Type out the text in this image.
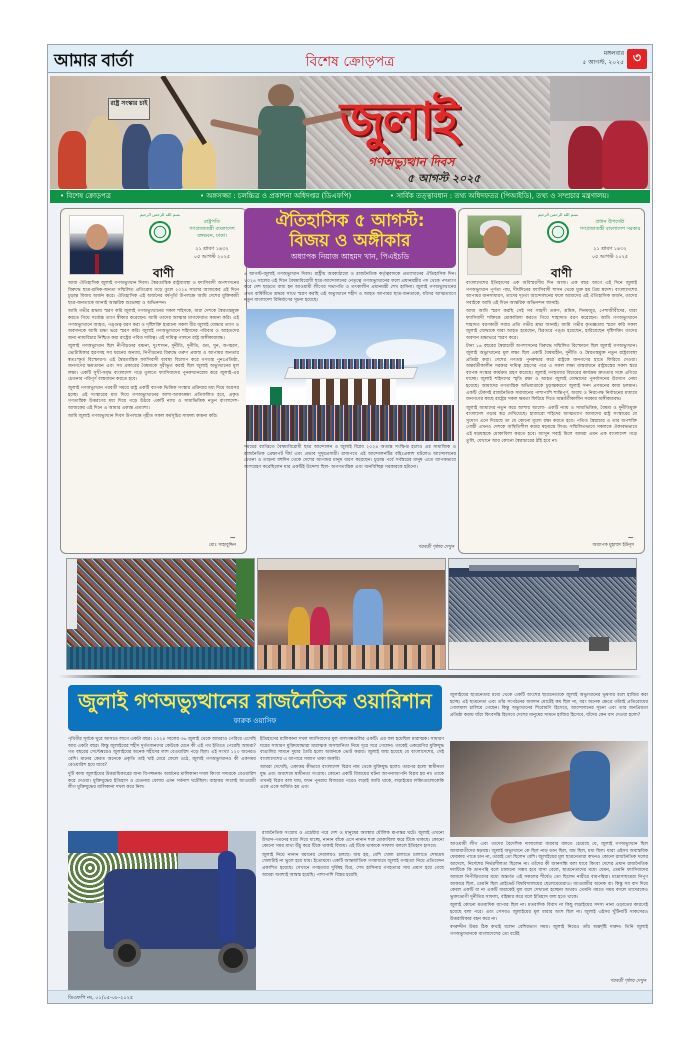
আমার বার্তা	বিশেষ ক্রোড়পত্র
মঙ্গলবার
৫ আগস্ট, ২০২৫ ৩
রাষ্ট্র সংস্কার চাই	জুলাই
গণঅভ্যুত্থান দিবস
৫ আগস্ট ২০২৫
• বিশেষ ক্রোড়পত্র	• অঙ্গসজ্জা : চলচ্চিত্র ও প্রকাশনা অধিদপ্তর (ডিএফপি)	• সার্বিক তত্ত্বাবধান : তথ্য অধিদফতর (পিআইডি), তথ্য ও সম্প্রচার মন্ত্রণালয়।
بسم الله الرحمن الرحيم
রাষ্ট্রপতি
গণপ্রজাতন্ত্রী বাংলাদেশ
বঙ্গভবন, ঢাকা।
২১ শ্রাবণ ১৪৩২
০৫ আগস্ট ২০২৫
বাণী

আজ ঐতিহাসিক জুলাই গণঅভ্যুত্থান দিবস। স্বৈরতান্ত্রিক রাষ্ট্রব্যবস্থা ও ফ্যাসিবাদী অপশাসনের বিরুদ্ধে ছাত্র-শ্রমিক-জনতা সম্মিলিত প্রতিরোধ গড়ে তুলে ২০২৪ সালের আজকের এই দিনে চূড়ান্ত বিজয় অর্জন করে। ঐতিহাসিক এই অর্জনের বর্ষপূর্তি উপলক্ষে আমি দেশের মুক্তিকামী ছাত্র-জনতাকে জানাই আন্তরিক শুভেচ্ছা ও অভিনন্দন।

আমি গভীর শ্রদ্ধায় স্মরণ করি জুলাই গণঅভ্যুত্থানের সকল শহিদকে, যারা দেশকে স্বৈরতন্ত্রমুক্ত করতে গিয়ে সর্বোচ্চ ত্যাগ স্বীকার করেছেন। আমি তাদের আত্মার মাগফেরাত কামনা করি। এই গণঅভ্যুত্থানে আহত, পঙ্গুত্ব বরণ করা ও দৃষ্টিশক্তি হারানো সকল বীর জুলাই যোদ্ধার ত্যাগ ও অবদানকে আমি শ্রদ্ধা ভরে স্মরণ করি। জুলাই গণঅভ্যুত্থানে শহিদদের পরিবার ও আহতদের জন্য ন্যায়বিচার নিশ্চিত করা রাষ্ট্রের পবিত্র দায়িত্ব। এই দায়িত্ব পালনে রাষ্ট্র অঙ্গীকারাবদ্ধ।

জুলাই গণঅভ্যুত্থান ছিল নীপীড়নের বঞ্চনা, দুঃশাসন, দুর্নীতি, দুর্নীতি, গুম, খুন, অপহরণ, ভোটাধিকার হরণসহ সব ধরনের অন্যায়, নিপীড়নের বিরুদ্ধে তরুণ প্রজন্ম ও আপামর জনতার স্বতঃস্ফূর্ত বিস্ফোরণ। এই স্বৈরতান্ত্রিক ফ্যাসিবাদী ব্যবস্থা বিলোপ করে গণতন্ত্র পুনঃপ্রতিষ্ঠা, জনগণের ক্ষমতায়ন এবং সব প্রকারের বৈষম্যকে দূরীভূত করাই ছিল জুলাই অভ্যুত্থানের মূল লক্ষ্য। একটি সুখী-সমৃদ্ধ বাংলাদেশ গড়ে তুলতে ফ্যাসিবাদের পুনরুত্থানরোধ করে জুলাই-এর চেতনার পরিপূর্ণ বাস্তবায়ন করতে হবে।

জুলাই গণঅভ্যুত্থান পরবর্তী সময়ে রাষ্ট্র একটি ব্যাপক ভিত্তিক সংস্কার প্রক্রিয়ার মধ্য দিয়ে অগ্রসর হচ্ছে। এই সংস্কারের মধ্য দিয়ে গণঅভ্যুত্থানের আশা-আকাঙ্ক্ষা প্রতিফলিত হবে, প্রকৃত গণতান্ত্রিক উত্তরণের মধ্য দিয়ে গড়ে উঠবে একটি ন্যায় ও সাম্যভিত্তিক নতুন বাংলাদেশ-আজকের এই দিনে এ আমার একান্ত প্রত্যাশা।

আমি জুলাই গণঅভ্যুত্থান দিবস উপলক্ষে গৃহীত সকল কর্মসূচির সাফল্য কামনা করি।

~
মোঃ সাহাবুদ্দিন
ঐতিহাসিক ৫ আগস্ট:
বিজয় ও অঙ্গীকার
অধ্যাপক নিয়াজ আহমদ খান, পিএইচডি
৫ আগস্ট-জুলাই গণঅভ্যুত্থান দিবস। রাষ্ট্রীয় অবকাঠামো ও রাজনৈতিক কর্তৃত্ববাদকে প্রত্যাখানের ঐতিহাসিক দিন। ২০২৪ সালের এই দিনে বৈষম্যবিরোধী ছাত্র-আন্দোলনের নেতৃত্বে গণঅভ্যুত্থানের ফলে প্রধানমন্ত্রীর পদ থেকে পদত্যাগ করে দেশ ছাড়তে বাধ্য হন আওয়ামী লীগের সভাপতি ও তৎকালীন প্রধানমন্ত্রী শেখ হাসিনা। জুলাই গণঅভ্যুত্থানের প্রথম বার্ষিকীতে শ্রদ্ধার সাথে স্মরণ করছি এই অভ্যুত্থানে শহীদ ও আহত আপামর ছাত্র-জনতাকে, যাঁদের আত্মত্যাগে নতুন বাংলাদেশ বিনির্মাণের সূচনা হয়েছে।
সময়ের ব্যাপ্তিতে বৈষম্যবিরোধী ছাত্র আন্দোলন ও জুলাই বিপ্লব ২০২৪ অত্যন্ত সংক্ষিপ্ত হলেও এর সামাজিক ও রাজনৈতিক প্রেক্ষাপট দীর্ঘ এবং প্রভাব সুদূরপ্রসারী। রাজপথে এই আন্দোলনটির বহিঃপ্রকাশ ঘটলেও আন্দোলনের চেতনা ও তাড়না বহুদিন থেকে দেশের আপামর মানুষ ধারণ করেছেন। চূড়ান্ত পর্বে সর্বস্তরের মানুষ এতে ব্যাপকভাবে অংশগ্রহণ করেছিলেন যার একটিই উদ্দেশ্য ছিল- অগণতান্ত্রিক এবং জনবিচ্ছিন্ন সরকারকে হটানো।
পরবর্তী পৃষ্ঠায় দেখুন
بسم الله الرحمن الرحيم
প্রধান উপদেষ্টা
গণপ্রজাতন্ত্রী বাংলাদেশ সরকার
২১ শ্রাবণ ১৪৩২
০৫ আগস্ট ২০২৫
বাণী

বাংলাদেশের ইতিহাসের এক অবিস্মরণীয় দিন আজ। এক বছর আগে এই দিনে জুলাই গণঅভ্যুত্থান পূর্ণতা পায়, দীর্ঘদিনের ফ্যাসিবাদী শাসন থেকে মুক্ত হয় প্রিয় স্বদেশ। বাংলাদেশের আপামর জনসাধারণ, তাদের দৃঢ়তা আন্দোলনের ফলে আমাদের এই ঐতিহাসিক অর্জন, তাদের সবাইকে আমি এই দিনে আন্তরিক অভিনন্দন জানাই।

আজ আমি স্মরণ করছি সেই সব সাহসী তরুণ, শ্রমিক, দিনমজুর, পেশাজীবীদের, যারা ফ্যাসিবাদী শক্তিকে মোকাবিলা করতে গিয়ে শাহাদাত বরণ করেছেন। আমি গণঅভ্যুত্থানে শাহাদত বরণকারী সবার প্রতি গভীর শ্রদ্ধা জানাই। আমি গভীর কৃতজ্ঞতায় স্মরণ করি সকল জুলাই যোদ্ধাকে যারা আহত হয়েছেন, চিরতরে পঙ্গু হয়েছেন, হারিয়েছেন দৃষ্টিশক্তি। তাদের অবদান শ্রদ্ধাভরে স্মরণ করে।

টানা ১৬ বছরের স্বৈরাচারী অপশাসনের বিরুদ্ধে সম্মিলিত বিস্ফোরণ ছিল জুলাই গণঅভ্যুত্থান। জুলাই অভ্যুত্থানের মূল লক্ষ্য ছিল একটি বৈষম্যহীন, দুর্নীতি ও স্বৈরতন্ত্রমুক্ত নতুন রাষ্ট্রব্যবস্থা প্রতিষ্ঠা করা। দেশের গণতন্ত্র পুনরুদ্ধার করে রাষ্ট্রকে জনগণের হাতে ফিরিয়ে দেওয়া। অন্তর্বর্তীকালীন সরকার দায়িত্ব গ্রহণের পরে এ সকল লক্ষ্য বাস্তবায়নে রাষ্ট্রযন্ত্রের সকল স্তরে ব্যাপক সংস্কার কার্যক্রম গ্রহণ করেছে। জুলাই গণহত্যার বিচারের কার্যক্রম দ্রুততার সঙ্গে এগিয়ে যাচ্ছে। জুলাই শহিদদের স্মৃতি রক্ষা ও আহত জুলাই যোদ্ধাদের পুনর্বাসনের উদ্যোগ নেয়া হয়েছে। আমাদের গণতান্ত্রিক অভিযাত্রাকে চূড়ান্তকরণে জুলাই সনদ প্রণয়নের কাজ চলমান। একটি টেকসই রাজনৈতিক সমাধানের পাশাপাশি শান্তিপূর্ণ, অবাধ ও নিরপেক্ষ নির্বাচনের মাধ্যমে জনগণের কাছে রাষ্ট্রের সকল ক্ষমতা ফিরিয়ে দিতে অন্তর্বর্তীকালীন সরকার অঙ্গীকারবদ্ধ।

জুলাই আমাদের নতুন করে আশার আলো- একটি ন্যায় ও সাম্যভিত্তিক, বৈষম্য ও দুর্নীতিমুক্ত বাংলাদেশ গড়ার স্বপ্ন দেখিয়েছে। হাজারো শহিদের আত্মত্যাগ আমাদের রাষ্ট্র সংস্কারের যে সুযোগ এনে দিয়েছে তা যে কোনো মূল্যে রক্ষা করতে হবে। পতিত স্বৈরাচার ও তার অপশক্তি গোষ্ঠী এখনও দেশকে অস্থিতিশীল করার ষড়যন্ত্রে লিপ্ত। সম্মিলিতভাবে সকলকে ঐক্যবদ্ধভাবে এই ষড়যন্ত্রকে মোকাবিলা করতে হবে। আসুন সবাই মিলে আমরা এমন এক বাংলাদেশ গড়ে তুলি, যেখানে আর কোনো স্বৈরাচারের ঠাঁই হবে না।

~
অধ্যাপক মুহাম্মদ ইউনূস
জুলাই গণঅভ্যুত্থানের রাজনৈতিক ওয়ারিশান
ফারুক ওয়াসিফ

পৃথিবীর সূর্যকে ঘুরে আসতে লাগে একটা বছর। ২০২৪ সালের ৩৬ জুলাই থেকে আমরাও পেরিয়ে এসেছি আর একটা বছর। কিন্তু জুলাইয়ের শহীদ দুর্গতজনদের কেউকে মেনে কী এই পথ ইতিতে পেরেছি আমরা? গত বছরের সেপ্টেম্বরেও জুলাইয়ের অনেক শহীদের লাশ বেওয়ারিশ পড়ে ছিল। এই সংখ্যা ১২০ জনেরও বেশি। মানের কেরত অনেকে প্রকৃতি তাই খাই মেরে ফেলে ওঠে, জুলাই গণঅভ্যুত্থানও কী একসময় বেওয়ারিশ হয়ে যাবে?

দুটি কাজ জুলাইয়ের উত্তরাধিকারের জন্য বিপজ্জনক। অর্জনের মালিকানা দখল কিংবা সদ্যরকে বেওয়ারিশ করে দেওয়া। মুক্তিযুদ্ধের ইতিহাস ও চেতনার বেলায় এমন সর্বনাশ ঘটেছিল। বাহাত্তর সালেই আওয়ামী লীগ মুক্তিযুদ্ধের মালিকানা দখল করে নিল।

ইতিহাসের মালিকানা দখল ফ্যাসিবাদের মূল গালগল্পগুলির একটি। এর ফল হয়েছিল মারাত্মক। সাধারণ ঘরের সাধারণ মুক্তিযোদ্ধারা মারাত্মক অসম্মানিতা নিয়ে দূরে সরে গেলেন। তাকেই একশ্রেণির মুক্তিযুদ্ধ বাঙালির সামনে দুয়ার তৈরি হলো অর্জনকে ভোট করার। জুলাই জন্ম হয়েছে যে বাংলাদেশের, সেই বাংলাদেশের এ ব্যাপারে সজাগ থাকা জরুরি।

আমরা দেখেছি, একাত্তর কীভাবে বাংলাদেশ বিপ্লব নাম থেকে মুক্তিযুদ্ধ হলো। তারপর হলো স্বাধীনতা যুদ্ধ এবং অবশেষে স্বাধীনতা সংগ্রাম। কোনো একটি বিজয়ের ঘটনা আপনাআপনি বিপ্লব হয় না। তাকে তখনই বিপ্লব বলা যায়, যখন পুনরায় বিজয়ের পরেও লড়াই জারি থাকে, লড়াইয়ের লক্ষ্যিগুলোকেকি একে একে অর্জিত হয় এবং

রাজনৈতিক সংগ্রাম ও প্রচেষ্টার পরে দেশ ও মানুষের অবস্থার মৌলিক রূপান্তর ঘটে। জুলাই এখনো উত্থান-পতনের মধ্যে দিয়ে যাচ্ছে, নানান বাঁকে এসে নানান শত্রু মোকাবিলা করে টিকে থাকছে। কোনো কোনো সময় মাথা উঁচু করে টিকে থাকাই বিজয়। এই টিকে থাকাকে সাফল্য বললে ইতিহাস হাসবে।

জুলাই নিয়ে নানান বয়ানের দেবালয়ও চলছে। জয় হয়, বেশি খেলা চালাতে চালাতে শেষমেষ খেলাটাই না ভুলে হয়ে যায়। ইতোমধ্যে একটি আন্তর্জাতিক গণমাধ্যমে জুলাই গণহত্যা নিয়ে প্রতিবেদন প্রকাশিত হয়েছে। সেখানে গণহত্যার দুর্বিষহ চিত্র, শেখ হাসিনার গণহত্যার সায় প্রমাণ হয়ে গেছে আমরা অবশ্যই আশ্বস্ত হয়েছি। পাশাপাশি বিস্তর হয়েছি

জুলাইয়ের ছাত্রনেতার মধ্যে থেকে একটি অংশের ছাত্রনেতাকে জুলাই অভ্যুত্থানের ভূষণার বলে হাজির করা হচ্ছে। এই ছাত্রনেতা এবং তাঁর সংগঠনের অবদান মোটেই কম ছিল না, বরং অনেক ক্ষেত্রে তাঁরাই প্রতিরোধের গোলমাল চালিয়ে গেছেন। কিন্তু অভ্যুত্থানের শিরোমণি হিসেবে, আন্দোলনের সূচনা এবং তার জনপ্রিয়তা প্রতিষ্ঠা করায় যাঁরা কিংবদন্তি হিসেবে দেশের মানুষের সামনে হাজির হিসেবে, যাঁদের কেন বাদ দেওয়া হলো?

আওয়ামী লীগ এবং তাদের বৈদেশিক দালালেরা বারবার বলতে চেয়েছে যে, জুলাই গণঅভ্যুত্থান ছিল জামায়াতীদের ষড়যন্ত্র। জুলাই অভ্যুত্থানে কে ছিল নাড় ডান ছিল, বাম ছিল, মধ্য ছিল। যারা এইসব অবাস্তবিক ফেরকার পাত্তে চান না, তারাই তো ছিলেন বেশি। জুলাইয়ের মূল ছাত্রনেতারা কখনও কোনো রাজনৈতিক দলের আদেশে, নির্দেশের নির্ভরশীলতা ছিলেন না। তাঁদের কী জানসন্ধি বলা যাবে কিংবা দেশের প্রধান রাজনৈতিক দলটিকে কি ডানপন্থি বলে চালানো সম্ভব হবে বাসা বেলে, ছাত্রনেতাদের মধ্যে যেমন, তেমনি ফ্যাসিবাদের আমলে নিপীড়িতদের মধ্যে অন্তর্গত এই সকলের শীর্ষেও তো ছিলেন নারীরে বামপন্থিরা। মাদ্রাসাছাত্ররা নিপুণ আকারে ছিল, তেমনি ছিল প্রাইভেট বিশ্ববিদ্যালয়ের ছেলেমেয়েরাও। আওয়ামীর অনেক বা। কিন্তু সব বাদ দিয়ে কেবল একটি বা না একটি ধারাকেই মূল বলে দেখানো হচ্ছেনা অথবা। তেমনি গমতে সময় বদলে তাদেরকেও ভুক্তভোগী দুর্নীতির সাফল্য, বহিষ্কার করে বলে ইতিহাস বলা হতে থাকে।

জুলাই কোনো মতবাদিক ব্যাপার ছিল না। মতবাদিক বিবাদ না কিছু লড়াইয়ের সদস্য নানা ওড়াতের কারণেই হয়েছে বলা পরে। এবং সেসবও জুলাইয়ের মূল ধারার অংশ ছিল না। জুলাই এইসব খুঁটিনাটি সাকসেরও উত্তরাধিকার বহন করে না।

বদরুদ্দীন উমর ঠিক কথাই বলেন বেশিরভাগ সময়। জুলাই নিয়েও তাঁর অন্তর্দৃষ্টি দারুন। তিনি জুলাই গণঅভ্যুত্থানকে বাংলাদেশের তো বটেই

পরবর্তী পৃষ্ঠায় দেখুন
ডিএফপি নং, ০১/০৫-০৮-২০২৫
